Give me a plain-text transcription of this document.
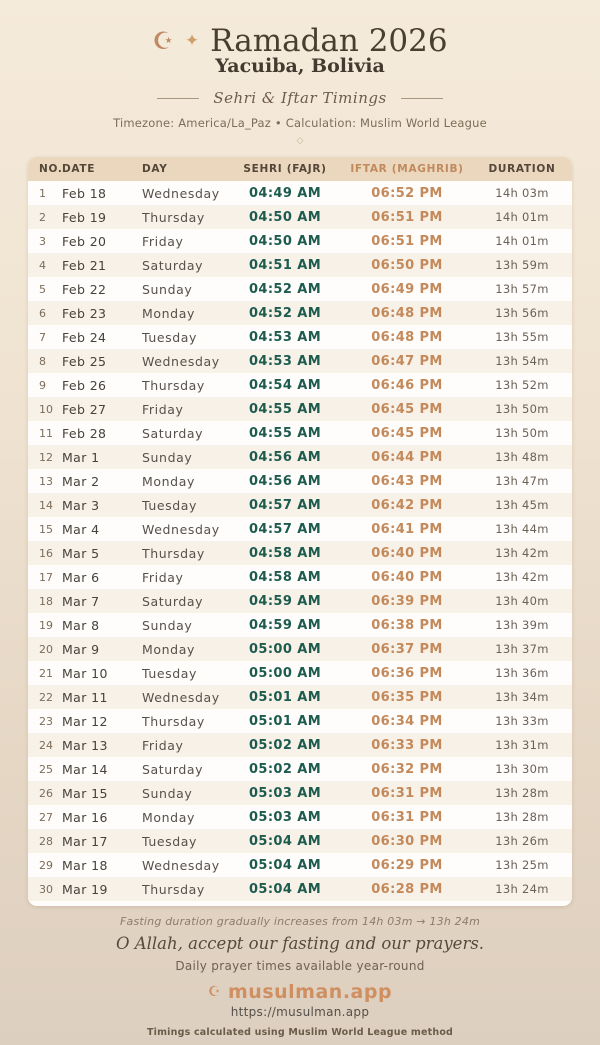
☪ ✦ Ramadan 2026
Yacuiba, Bolivia
Sehri & Iftar Timings
Timezone: America/La_Paz • Calculation: Muslim World League
◇
NO. DATE	DAY	SEHRI (FAJR)	IFTAR (MAGHRIB)	DURATION
1	Feb 18	Wednesday	04:49 AM	06:52 PM	14h 03m
2	Feb 19	Thursday	04:50 AM	06:51 PM	14h 01m
3	Feb 20	Friday	04:50 AM	06:51 PM	14h 01m
4	Feb 21	Saturday	04:51 AM	06:50 PM	13h 59m
5	Feb 22	Sunday	04:52 AM	06:49 PM	13h 57m
6	Feb 23	Monday	04:52 AM	06:48 PM	13h 56m
7	Feb 24	Tuesday	04:53 AM	06:48 PM	13h 55m
8	Feb 25	Wednesday	04:53 AM	06:47 PM	13h 54m
9	Feb 26	Thursday	04:54 AM	06:46 PM	13h 52m
10 Feb 27	Friday	04:55 AM	06:45 PM	13h 50m
11 Feb 28	Saturday	04:55 AM	06:45 PM	13h 50m
12 Mar 1	Sunday	04:56 AM	06:44 PM	13h 48m
13 Mar 2	Monday	04:56 AM	06:43 PM	13h 47m
14 Mar 3	Tuesday	04:57 AM	06:42 PM	13h 45m
15 Mar 4	Wednesday	04:57 AM	06:41 PM	13h 44m
16 Mar 5	Thursday	04:58 AM	06:40 PM	13h 42m
17 Mar 6	Friday	04:58 AM	06:40 PM	13h 42m
18 Mar 7	Saturday	04:59 AM	06:39 PM	13h 40m
19 Mar 8	Sunday	04:59 AM	06:38 PM	13h 39m
20 Mar 9	Monday	05:00 AM	06:37 PM	13h 37m
21 Mar 10	Tuesday	05:00 AM	06:36 PM	13h 36m
22 Mar 11	Wednesday	05:01 AM	06:35 PM	13h 34m
23 Mar 12	Thursday	05:01 AM	06:34 PM	13h 33m
24 Mar 13	Friday	05:02 AM	06:33 PM	13h 31m
25 Mar 14	Saturday	05:02 AM	06:32 PM	13h 30m
26 Mar 15	Sunday	05:03 AM	06:31 PM	13h 28m
27 Mar 16	Monday	05:03 AM	06:31 PM	13h 28m
28 Mar 17	Tuesday	05:04 AM	06:30 PM	13h 26m
29 Mar 18	Wednesday	05:04 AM	06:29 PM	13h 25m
30 Mar 19	Thursday	05:04 AM	06:28 PM	13h 24m
Fasting duration gradually increases from 14h 03m → 13h 24m
O Allah, accept our fasting and our prayers.
Daily prayer times available year-round
☪ musulman.app
https://musulman.app
Timings calculated using Muslim World League method
